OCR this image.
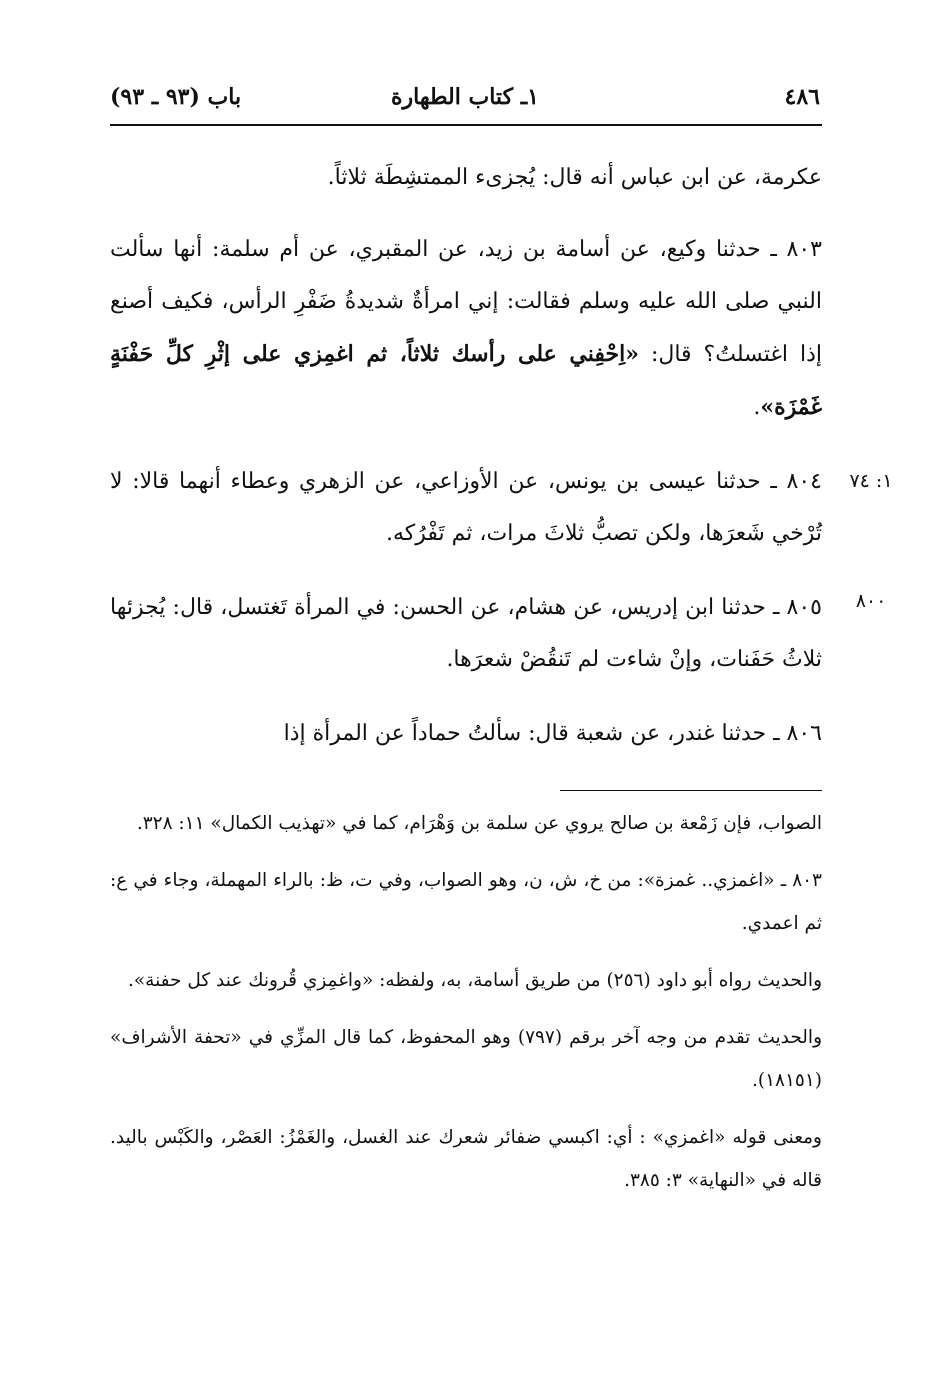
٤٨٦
١ـ كتاب الطهارة
باب (٩٣ ـ ٩٣)

عكرمة، عن ابن عباس أنه قال: يُجزىء الممتشِطَة ثلاثاً.

٨٠٣ ـ حدثنا وكيع، عن أسامة بن زيد، عن المقبري، عن أم سلمة: أنها سألت النبي صلى الله عليه وسلم فقالت: إني امرأةٌ شديدةُ ضَفْرِ الرأس، فكيف أصنع إذا اغتسلتُ؟ قال: «اِحْفِني على رأسك ثلاثاً، ثم اغمِزي على إثْرِ كلِّ حَفْنَةٍ غَمْزَة».

٨٠٤ ـ حدثنا عيسى بن يونس، عن الأوزاعي، عن الزهري وعطاء أنهما قالا: لا تُرْخي شَعرَها، ولكن تصبُّ ثلاثَ مرات، ثم تَفْرُكه.

٨٠٥ ـ حدثنا ابن إدريس، عن هشام، عن الحسن: في المرأة تَغتسل، قال: يُجزئها ثلاثُ حَفَنات، وإنْ شاءت لم تَنقُضْ شعرَها.

٨٠٦ ـ حدثنا غندر، عن شعبة قال: سألتُ حماداً عن المرأة إذا

١: ٧٤
٨٠٠

الصواب، فإن زَمْعة بن صالح يروي عن سلمة بن وَهْرَام، كما في «تهذيب الكمال» ١١: ٣٢٨.

٨٠٣ ـ «اغمزي.. غمزة»: من خ، ش، ن، وهو الصواب، وفي ت، ظ: بالراء المهملة، وجاء في ع: ثم اعمدي.

والحديث رواه أبو داود (٢٥٦) من طريق أسامة، به، ولفظه: «واغمِزي قُرونك عند كل حفنة».

والحديث تقدم من وجه آخر برقم (٧٩٧) وهو المحفوظ، كما قال المزِّي في «تحفة الأشراف» (١٨١٥١).

ومعنى قوله «اغمزي» : أي: اكبسي ضفائر شعرك عند الغسل، والغَمْزُ: العَصْر، والكَبْس باليد. قاله في «النهاية» ٣: ٣٨٥.
